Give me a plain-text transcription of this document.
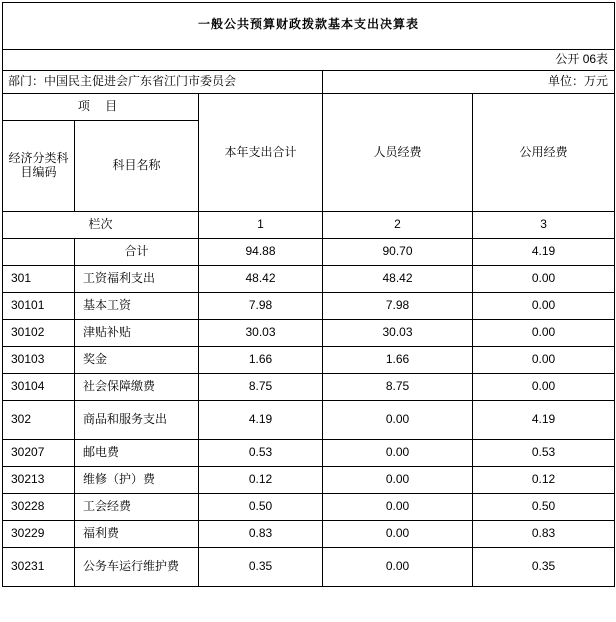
一般公共预算财政拨款基本支出决算表				
公开 06表				
部门：中国民主促进会广东省江门市委员会			单位：万元	
项 目		本年支出合计	人员经费	公用经费
经济分类科目编码	科目名称			
栏次		1	2	3
	合计	94.88	90.70	4.19
301	工资福利支出	48.42	48.42	0.00
30101	基本工资	7.98	7.98	0.00
30102	津贴补贴	30.03	30.03	0.00
30103	奖金	1.66	1.66	0.00
30104	社会保障缴费	8.75	8.75	0.00
302	商品和服务支出	4.19	0.00	4.19
30207	邮电费	0.53	0.00	0.53
30213	维修（护）费	0.12	0.00	0.12
30228	工会经费	0.50	0.00	0.50
30229	福利费	0.83	0.00	0.83
30231	公务车运行维护费	0.35	0.00	0.35
